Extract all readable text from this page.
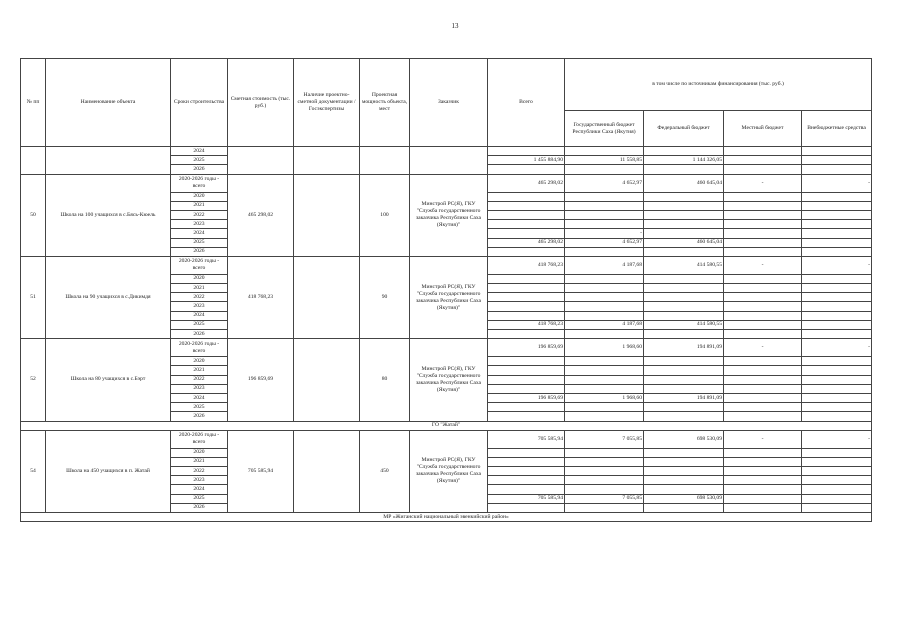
13
№ пп	Наименование объекта	Сроки строительства	Сметная стоимость (тыс. руб.)	Наличие проектно-сметной документации /Госэкспертизы	Проектная мощность объекта, мест	Заказчик	Всего	в том числе по источникам финансирования (тыс. руб.)			
								Государственный бюджет Республики Саха (Якутия)	Федеральный бюджет	Местный бюджет	Внебюджетные средства
		2024									
		2025					1 455 884,90	11 558,85	1 144 326,05		
		2026									
50	Школа на 100 учащихся в с.Бясь-Кюель	2020-2026 годы - всего	465 298,02		100	Минстрой РС(Я), ГКУ "Служба государственного заказчика Республики Саха (Якутия)"	465 298,02	4 652,97	460 645,04	-	-
		2020									
		2021									
		2022									
		2023									
		2024						-			
		2025					465 298,02	4 652,97	460 645,04		
		2026									
51	Школа на 90 учащихся в с.Дикимдя	2020-2026 годы - всего	418 768,23		90	Минстрой РС(Я), ГКУ "Служба государственного заказчика Республики Саха (Якутия)"	418 768,23	4 187,68	414 580,55	-	-
		2020									
		2021									
		2022									
		2023									
		2024									
		2025					418 768,23	4 187,68	414 580,55		
		2026									
52	Школа на 80 учащихся в с.Бэрт	2020-2026 годы - всего	196 859,69		80	Минстрой РС(Я), ГКУ "Служба государственного заказчика Республики Саха (Якутия)"	196 859,69	1 968,60	194 891,09	-	-
		2020									
		2021									
		2022									
		2023									
		2024					196 859,69	1 968,60	194 891,09		
		2025									
		2026									
ГО "Жатай"											
54	Школа на 450 учащихся в п. Жатай	2020-2026 годы - всего	705 585,94		450	Минстрой РС(Я), ГКУ "Служба государственного заказчика Республики Саха (Якутия)"	705 585,94	7 055,85	698 530,09	-	-
		2020									
		2021									
		2022									
		2023									
		2024									
		2025					705 585,94	7 055,85	698 530,09		
		2026									
МР «Жиганский национальный эвенкийский район»											
